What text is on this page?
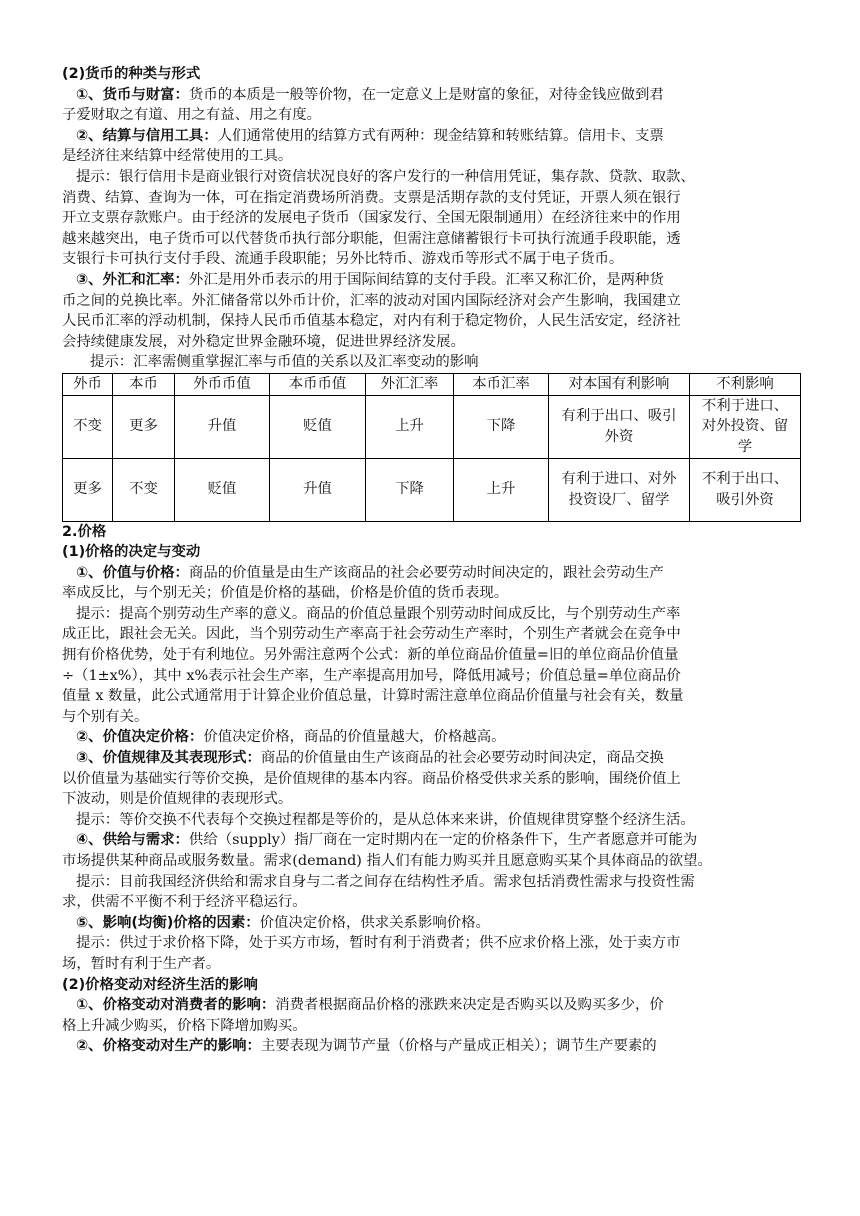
(2)货币的种类与形式
①、货币与财富：货币的本质是一般等价物，在一定意义上是财富的象征，对待金钱应做到君
子爱财取之有道、用之有益、用之有度。
②、结算与信用工具：人们通常使用的结算方式有两种：现金结算和转账结算。信用卡、支票
是经济往来结算中经常使用的工具。
提示：银行信用卡是商业银行对资信状况良好的客户发行的一种信用凭证，集存款、贷款、取款、
消费、结算、查询为一体，可在指定消费场所消费。支票是活期存款的支付凭证，开票人须在银行
开立支票存款账户。由于经济的发展电子货币（国家发行、全国无限制通用）在经济往来中的作用
越来越突出，电子货币可以代替货币执行部分职能，但需注意储蓄银行卡可执行流通手段职能，透
支银行卡可执行支付手段、流通手段职能；另外比特币、游戏币等形式不属于电子货币。
③、外汇和汇率：外汇是用外币表示的用于国际间结算的支付手段。汇率又称汇价，是两种货
币之间的兑换比率。外汇储备常以外币计价，汇率的波动对国内国际经济对会产生影响，我国建立
人民币汇率的浮动机制，保持人民币币值基本稳定，对内有利于稳定物价，人民生活安定，经济社
会持续健康发展，对外稳定世界金融环境，促进世界经济发展。
提示：汇率需侧重掌握汇率与币值的关系以及汇率变动的影响
外币	本币	外币币值	本币币值	外汇汇率	本币汇率	对本国有利影响	不利影响
不变	更多	升值	贬值	上升	下降	有利于出口、吸引外资	不利于进口、对外投资、留学
更多	不变	贬值	升值	下降	上升	有利于进口、对外投资设厂、留学	不利于出口、吸引外资
2.价格
(1)价格的决定与变动
①、价值与价格：商品的价值量是由生产该商品的社会必要劳动时间决定的，跟社会劳动生产
率成反比，与个别无关；价值是价格的基础，价格是价值的货币表现。
提示：提高个别劳动生产率的意义。商品的价值总量跟个别劳动时间成反比，与个别劳动生产率
成正比，跟社会无关。因此，当个别劳动生产率高于社会劳动生产率时，个别生产者就会在竞争中
拥有价格优势，处于有利地位。另外需注意两个公式：新的单位商品价值量=旧的单位商品价值量
÷（1±x%），其中 x%表示社会生产率，生产率提高用加号，降低用减号；价值总量=单位商品价
值量 x 数量，此公式通常用于计算企业价值总量，计算时需注意单位商品价值量与社会有关，数量
与个别有关。
②、价值决定价格：价值决定价格，商品的价值量越大，价格越高。
③、价值规律及其表现形式：商品的价值量由生产该商品的社会必要劳动时间决定，商品交换
以价值量为基础实行等价交换，是价值规律的基本内容。商品价格受供求关系的影响，围绕价值上
下波动，则是价值规律的表现形式。
提示：等价交换不代表每个交换过程都是等价的，是从总体来来讲，价值规律贯穿整个经济生活。
④、供给与需求：供给（supply）指厂商在一定时期内在一定的价格条件下，生产者愿意并可能为
市场提供某种商品或服务数量。需求(demand) 指人们有能力购买并且愿意购买某个具体商品的欲望。
提示：目前我国经济供给和需求自身与二者之间存在结构性矛盾。需求包括消费性需求与投资性需
求，供需不平衡不利于经济平稳运行。
⑤、影响(均衡)价格的因素：价值决定价格，供求关系影响价格。
提示：供过于求价格下降，处于买方市场，暂时有利于消费者；供不应求价格上涨，处于卖方市
场，暂时有利于生产者。
(2)价格变动对经济生活的影响
①、价格变动对消费者的影响：消费者根据商品价格的涨跌来决定是否购买以及购买多少，价
格上升减少购买，价格下降增加购买。
②、价格变动对生产的影响：主要表现为调节产量（价格与产量成正相关）；调节生产要素的
